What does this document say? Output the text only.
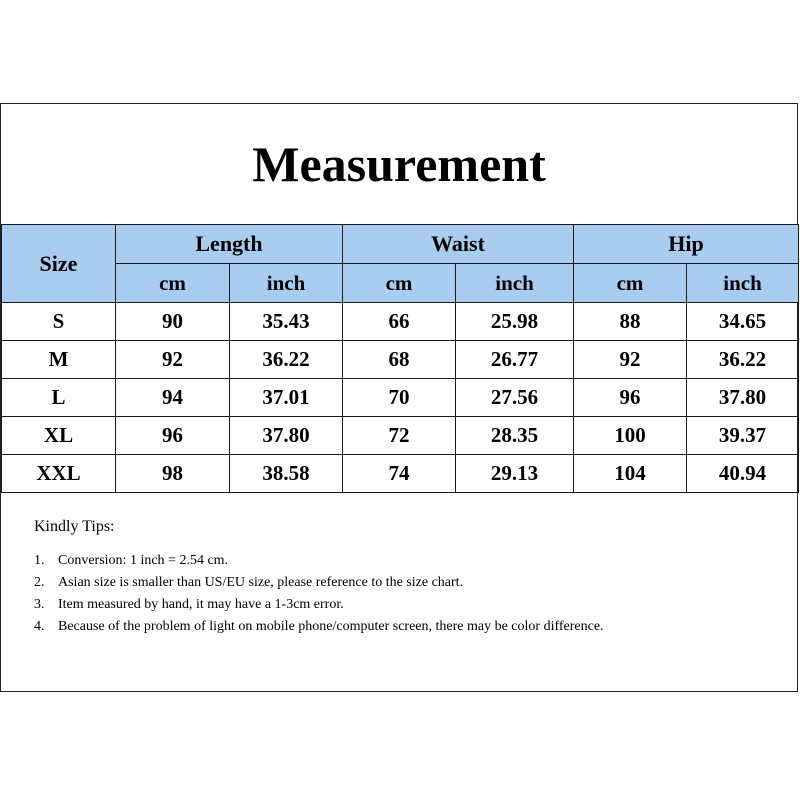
Measurement
Size	Length		Waist		Hip	
	cm	inch	cm	inch	cm	inch
S	90	35.43	66	25.98	88	34.65
M	92	36.22	68	26.77	92	36.22
L	94	37.01	70	27.56	96	37.80
XL	96	37.80	72	28.35	100	39.37
XXL	98	38.58	74	29.13	104	40.94
Kindly Tips:
1. Conversion: 1 inch = 2.54 cm.
2. Asian size is smaller than US/EU size, please reference to the size chart.
3. Item measured by hand, it may have a 1-3cm error.
4. Because of the problem of light on mobile phone/computer screen, there may be color difference.
